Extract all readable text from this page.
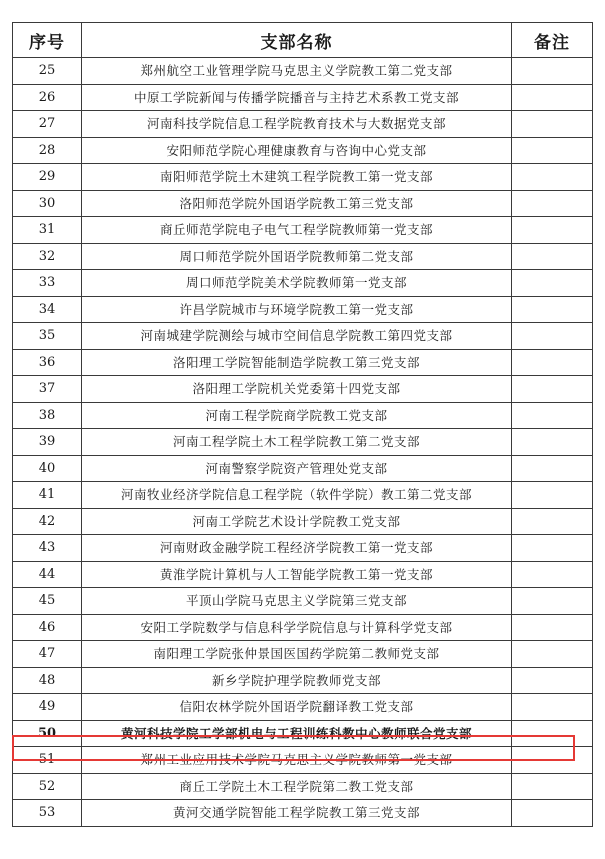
序号	支部名称	备注
25	郑州航空工业管理学院马克思主义学院教工第二党支部	
26	中原工学院新闻与传播学院播音与主持艺术系教工党支部	
27	河南科技学院信息工程学院教育技术与大数据党支部	
28	安阳师范学院心理健康教育与咨询中心党支部	
29	南阳师范学院土木建筑工程学院教工第一党支部	
30	洛阳师范学院外国语学院教工第三党支部	
31	商丘师范学院电子电气工程学院教师第一党支部	
32	周口师范学院外国语学院教师第二党支部	
33	周口师范学院美术学院教师第一党支部	
34	许昌学院城市与环境学院教工第一党支部	
35	河南城建学院测绘与城市空间信息学院教工第四党支部	
36	洛阳理工学院智能制造学院教工第三党支部	
37	洛阳理工学院机关党委第十四党支部	
38	河南工程学院商学院教工党支部	
39	河南工程学院土木工程学院教工第二党支部	
40	河南警察学院资产管理处党支部	
41	河南牧业经济学院信息工程学院（软件学院）教工第二党支部	
42	河南工学院艺术设计学院教工党支部	
43	河南财政金融学院工程经济学院教工第一党支部	
44	黄淮学院计算机与人工智能学院教工第一党支部	
45	平顶山学院马克思主义学院第三党支部	
46	安阳工学院数学与信息科学学院信息与计算科学党支部	
47	南阳理工学院张仲景国医国药学院第二教师党支部	
48	新乡学院护理学院教师党支部	
49	信阳农林学院外国语学院翻译教工党支部	
50	黄河科技学院工学部机电与工程训练科教中心教师联合党支部	
51	郑州工业应用技术学院马克思主义学院教师第一党支部	
52	商丘工学院土木工程学院第二教工党支部	
53	黄河交通学院智能工程学院教工第三党支部	
